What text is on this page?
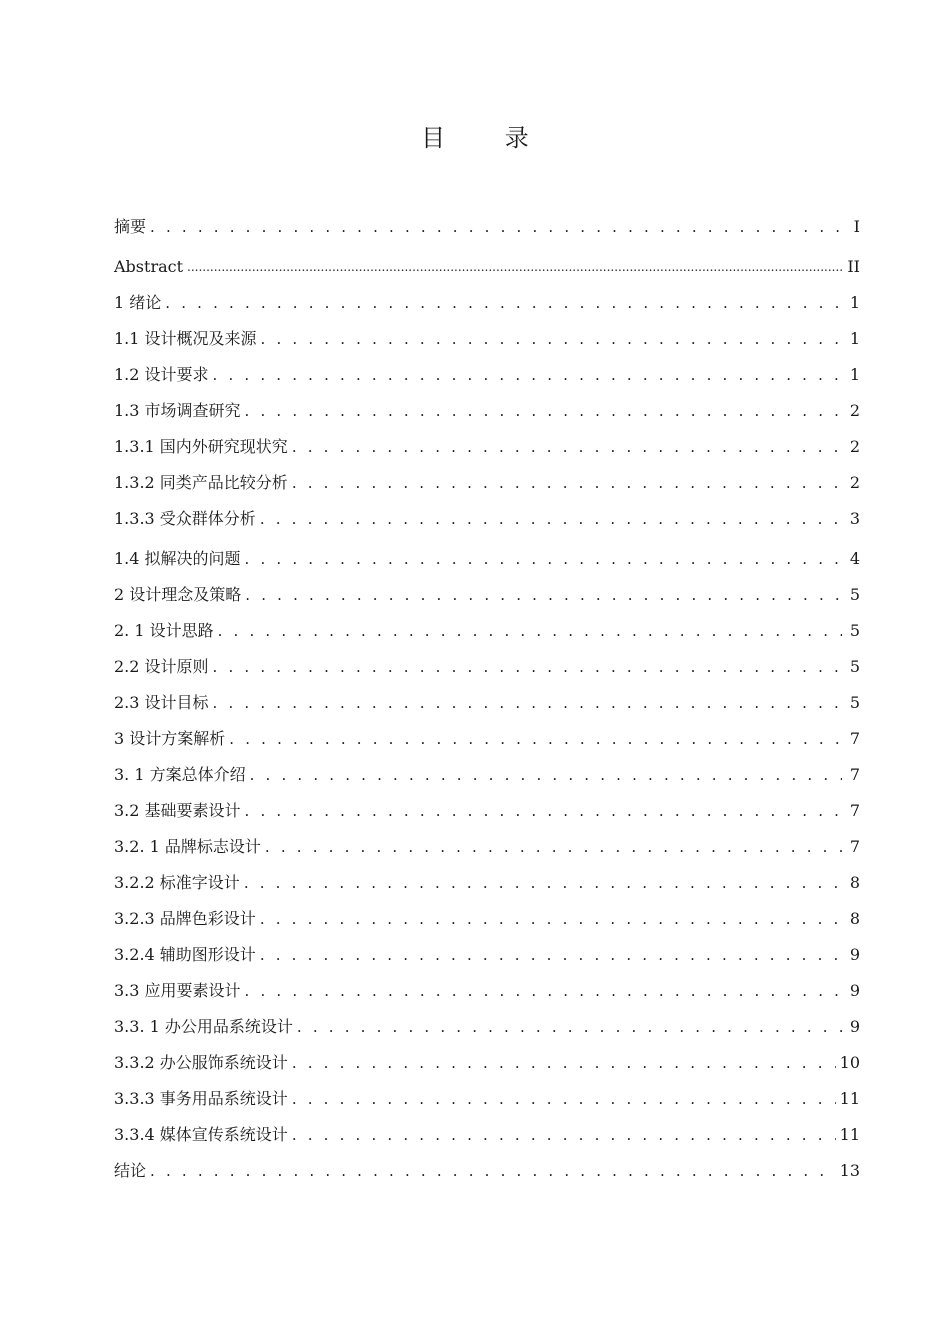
目 录
摘要 . . .	I
Abstract .....	II
1 绪论 . . .	1
1.1 设计概况及来源 . . .	1
1.2 设计要求 . . .	1
1.3 市场调查研究 . . .	2
1.3.1 国内外研究现状究 . . .	2
1.3.2 同类产品比较分析 . . .	2
1.3.3 受众群体分析 . . .	3
1.4 拟解决的问题 . . .	4
2 设计理念及策略 . . .	5
2. 1 设计思路 . . .	5
2.2 设计原则 . . .	5
2.3 设计目标 . . .	5
3 设计方案解析 . . .	7
3. 1 方案总体介绍 . . .	7
3.2 基础要素设计 . . .	7
3.2. 1 品牌标志设计 . . .	7
3.2.2 标准字设计 . . .	8
3.2.3 品牌色彩设计 . . .	8
3.2.4 辅助图形设计 . . .	9
3.3 应用要素设计 . . .	9
3.3. 1 办公用品系统设计 . . .	9
3.3.2 办公服饰系统设计 . . .	10
3.3.3 事务用品系统设计 . . .	11
3.3.4 媒体宣传系统设计 . . .	11
结论 . . .	13
